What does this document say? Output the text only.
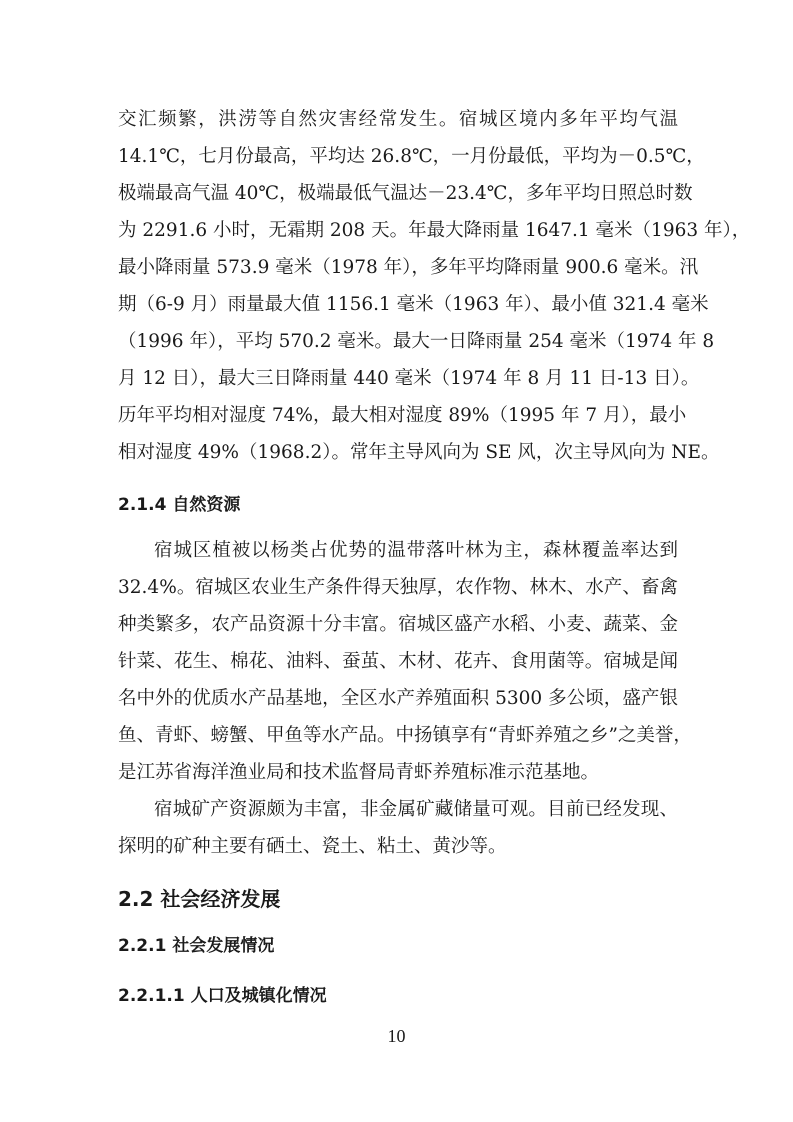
交汇频繁，洪涝等自然灾害经常发生。宿城区境内多年平均气温
14.1℃，七月份最高，平均达 26.8℃，一月份最低，平均为－0.5℃，
极端最高气温 40℃，极端最低气温达－23.4℃，多年平均日照总时数
为 2291.6 小时，无霜期 208 天。年最大降雨量 1647.1 毫米（1963 年），
最小降雨量 573.9 毫米（1978 年），多年平均降雨量 900.6 毫米。汛
期（6-9 月）雨量最大值 1156.1 毫米（1963 年）、最小值 321.4 毫米
（1996 年），平均 570.2 毫米。最大一日降雨量 254 毫米（1974 年 8
月 12 日），最大三日降雨量 440 毫米（1974 年 8 月 11 日-13 日）。
历年平均相对湿度 74%，最大相对湿度 89%（1995 年 7 月），最小
相对湿度 49%（1968.2）。常年主导风向为 SE 风，次主导风向为 NE。
2.1.4 自然资源
宿城区植被以杨类占优势的温带落叶林为主，森林覆盖率达到
32.4%。宿城区农业生产条件得天独厚，农作物、林木、水产、畜禽
种类繁多，农产品资源十分丰富。宿城区盛产水稻、小麦、蔬菜、金
针菜、花生、棉花、油料、蚕茧、木材、花卉、食用菌等。宿城是闻
名中外的优质水产品基地，全区水产养殖面积 5300 多公顷，盛产银
鱼、青虾、螃蟹、甲鱼等水产品。中扬镇享有“青虾养殖之乡”之美誉，
是江苏省海洋渔业局和技术监督局青虾养殖标准示范基地。
宿城矿产资源颇为丰富，非金属矿藏储量可观。目前已经发现、
探明的矿种主要有硒土、瓷土、粘土、黄沙等。
2.2 社会经济发展
2.2.1 社会发展情况
2.2.1.1 人口及城镇化情况
10
